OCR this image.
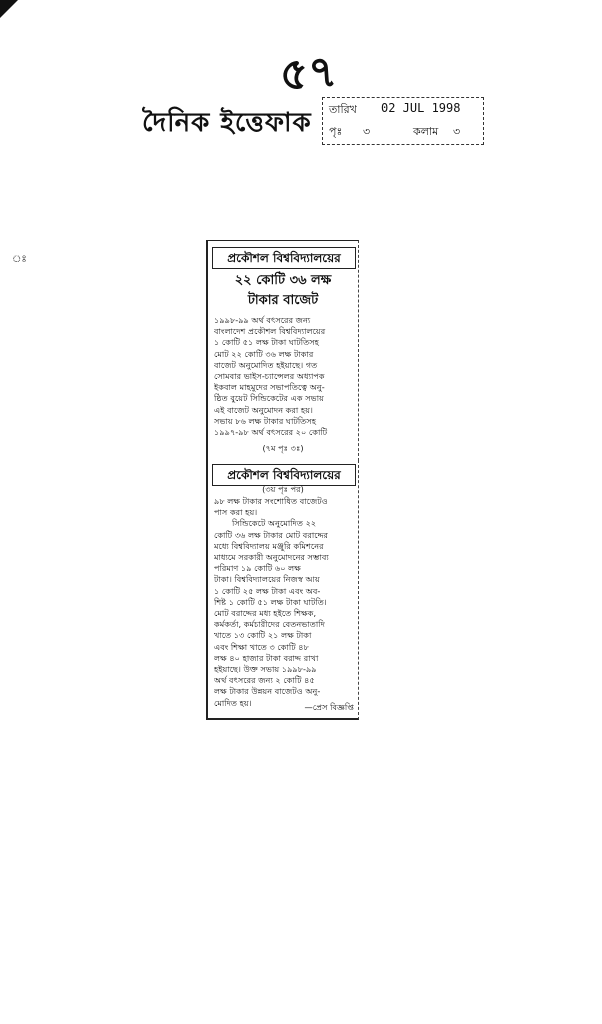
৫৭
দৈনিক ইত্তেফাক তারিখ 02 JUL 1998
পৃঃ ৩	কলাম ৩
ঃ	প্রকৌশল বিশ্ববিদ্যালয়ের
২২ কোটি ৩৬ লক্ষ
টাকার বাজেট
১৯৯৮-৯৯ অর্থ বৎসরের জন্য
বাংলাদেশ প্রকৌশল বিশ্ববিদ্যালয়ের
১ কোটি ৫১ লক্ষ টাকা ঘাটতিসহ
মোট ২২ কোটি ৩৬ লক্ষ টাকার
বাজেট অনুমোদিত হইয়াছে। গত
সোমবার ভাইস-চ্যান্সেলর অধ্যাপক
ইকবাল মাহমুদের সভাপতিত্বে অনু-
ষ্ঠিত বুয়েট সিন্ডিকেটের এক সভায়
এই বাজেট অনুমোদন করা হয়।
সভায় ৮৬ লক্ষ টাকার ঘাটতিসহ
১৯৯৭-৯৮ অর্থ বৎসরের ২০ কোটি
(৭ম পৃঃ ৩ঃ)
প্রকৌশল বিশ্ববিদ্যালয়ের
(৩য় পৃঃ পর)
৯৮ লক্ষ টাকার সংশোধিত বাজেটও
পাস করা হয়।
সিন্ডিকেটে অনুমোদিত ২২
কোটি ৩৬ লক্ষ টাকার মোট বরাদ্দের
মধ্যে বিশ্ববিদ্যালয় মঞ্জুরি কমিশনের
মাধ্যমে সরকারী অনুমোদনের সম্ভাব্য
পরিমাণ ১৯ কোটি ৬০ লক্ষ
টাকা। বিশ্ববিদ্যালয়ের নিজস্ব আয়
১ কোটি ২৫ লক্ষ টাকা এবং অব-
শিষ্ট ১ কোটি ৫১ লক্ষ টাকা ঘাটতি।
মোট বরাদ্দের মধ্য হইতে শিক্ষক,
কর্মকর্তা, কর্মচারীদের বেতনভাতাদি
খাতে ১৩ কোটি ২১ লক্ষ টাকা
এবং শিক্ষা খাতে ৩ কোটি ৪৮
লক্ষ ৪০ হাজার টাকা বরাদ্দ রাখা
হইয়াছে। উক্ত সভায় ১৯৯৮-৯৯
অর্থ বৎসরের জন্য ২ কোটি ৪৫
লক্ষ টাকার উন্নয়ন বাজেটও অনু-
মোদিত হয়।	—প্রেস বিজ্ঞপ্তি
